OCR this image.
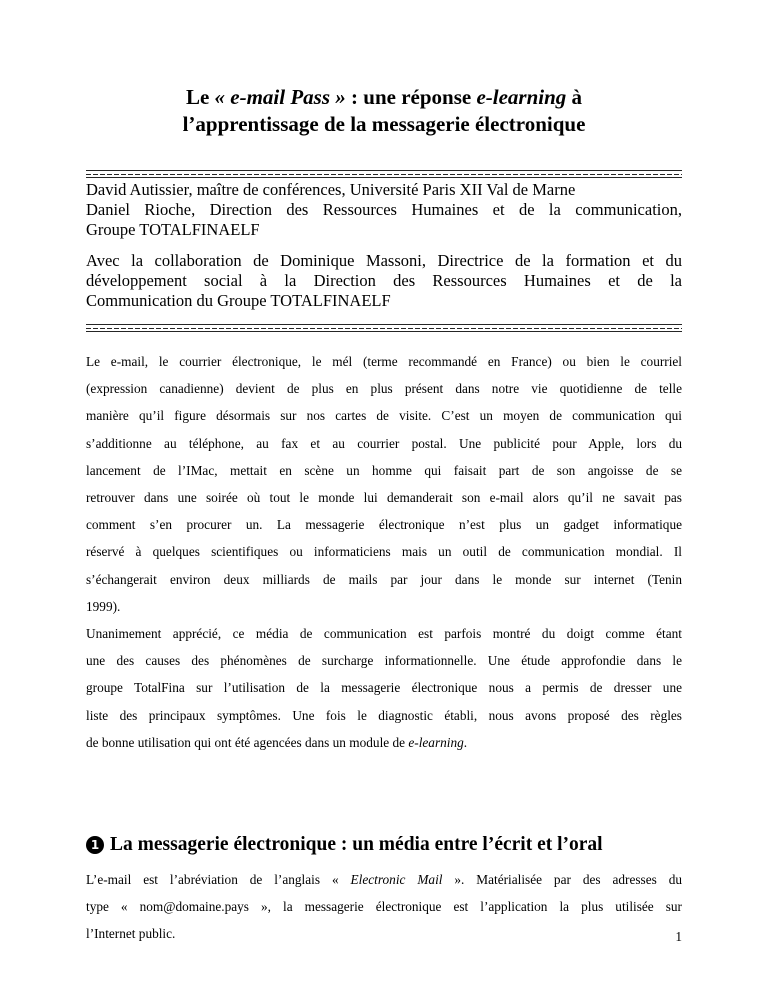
Le « e-mail Pass » : une réponse e-learning à
l’apprentissage de la messagerie électronique
David Autissier, maître de conférences, Université Paris XII Val de Marne
Daniel Rioche, Direction des Ressources Humaines et de la communication,
Groupe TOTALFINAELF
Avec la collaboration de Dominique Massoni, Directrice de la formation et du
développement social à la Direction des Ressources Humaines et de la
Communication du Groupe TOTALFINAELF
Le e-mail, le courrier électronique, le mél (terme recommandé en France) ou bien le courriel
(expression canadienne) devient de plus en plus présent dans notre vie quotidienne de telle
manière qu’il figure désormais sur nos cartes de visite. C’est un moyen de communication qui
s’additionne au téléphone, au fax et au courrier postal. Une publicité pour Apple, lors du
lancement de l’IMac, mettait en scène un homme qui faisait part de son angoisse de se
retrouver dans une soirée où tout le monde lui demanderait son e-mail alors qu’il ne savait pas
comment s’en procurer un. La messagerie électronique n’est plus un gadget informatique
réservé à quelques scientifiques ou informaticiens mais un outil de communication mondial. Il
s’échangerait environ deux milliards de mails par jour dans le monde sur internet (Tenin
1999).
Unanimement apprécié, ce média de communication est parfois montré du doigt comme étant
une des causes des phénomènes de surcharge informationnelle. Une étude approfondie dans le
groupe TotalFina sur l’utilisation de la messagerie électronique nous a permis de dresser une
liste des principaux symptômes. Une fois le diagnostic établi, nous avons proposé des règles
de bonne utilisation qui ont été agencées dans un module de e-learning.
1 La messagerie électronique : un média entre l’écrit et l’oral
L’e-mail est l’abréviation de l’anglais « Electronic Mail ». Matérialisée par des adresses du
type « nom@domaine.pays », la messagerie électronique est l’application la plus utilisée sur
l’Internet public.	1
